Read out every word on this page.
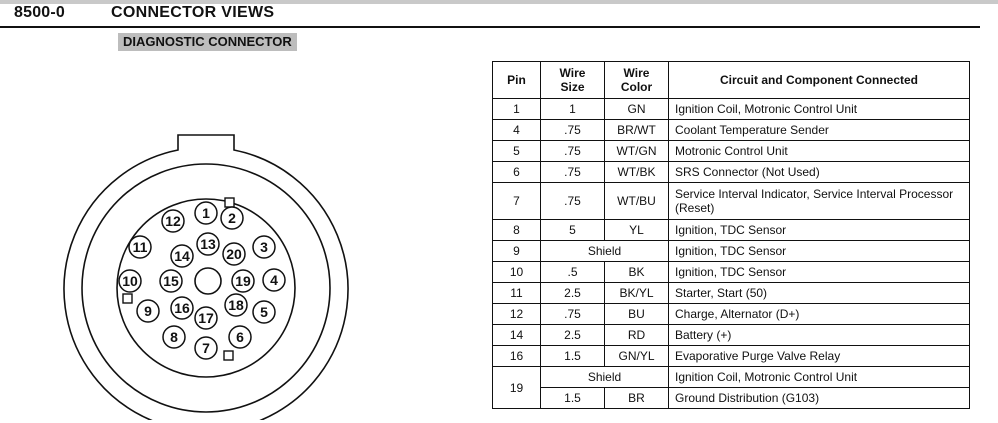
8500-0	CONNECTOR VIEWS
DIAGNOSTIC CONNECTOR
1 2
3
4
5
6
7
8
9
10
11
12
13
14
15
16
17
18
19
20
Pin	Wire Size	Wire Color	Circuit and Component Connected
1	1	GN	Ignition Coil, Motronic Control Unit
4	.75	BR/WT	Coolant Temperature Sender
5	.75	WT/GN	Motronic Control Unit
6	.75	WT/BK	SRS Connector (Not Used)
7	.75	WT/BU	Service Interval Indicator, Service Interval Processor (Reset)
8	5	YL	Ignition, TDC Sensor
9	Shield		Ignition, TDC Sensor
10	.5	BK	Ignition, TDC Sensor
11	2.5	BK/YL	Starter, Start (50)
12	.75	BU	Charge, Alternator (D+)
14	2.5	RD	Battery (+)
16	1.5	GN/YL	Evaporative Purge Valve Relay
19	Shield		Ignition Coil, Motronic Control Unit
	1.5	BR	Ground Distribution (G103)
